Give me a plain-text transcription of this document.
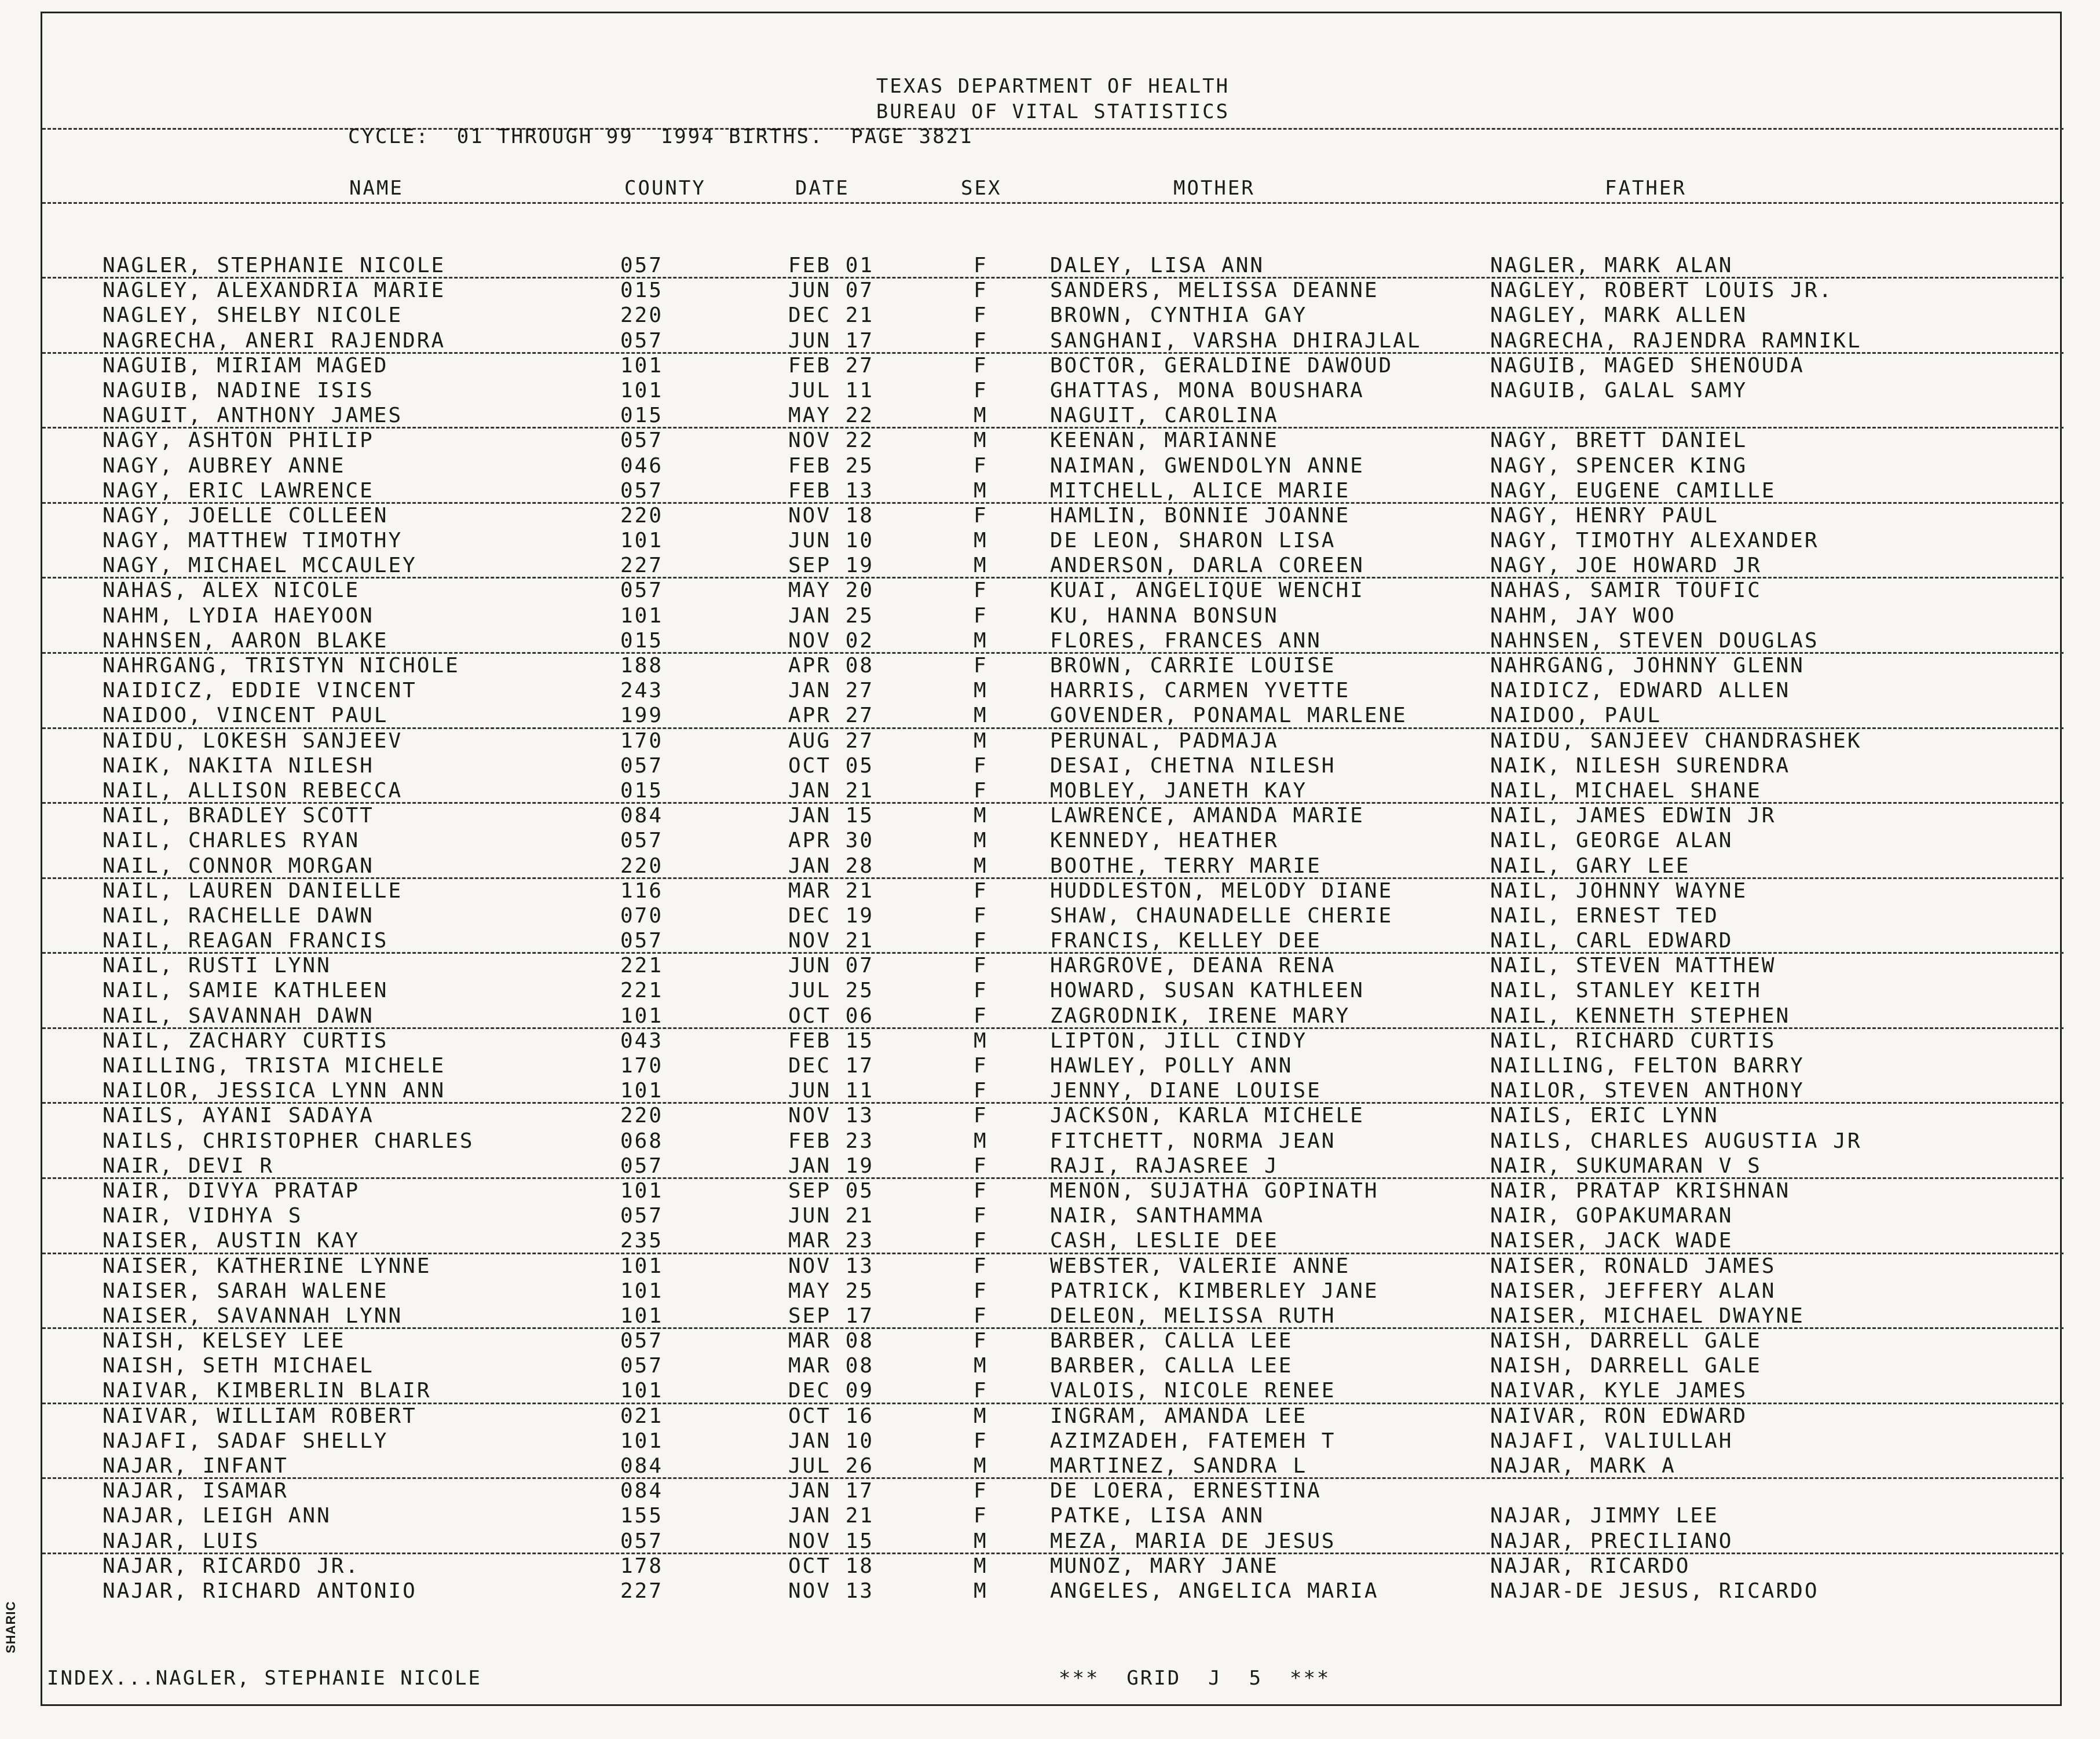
SHARIC
TEXAS DEPARTMENT OF HEALTH
BUREAU OF VITAL STATISTICS
CYCLE:  01 THROUGH 99  1994 BIRTHS.  PAGE 3821
NAME	COUNTY	DATE	SEX	MOTHER	FATHER
NAGLER, STEPHANIE NICOLE	057	FEB 01	F	DALEY, LISA ANN	NAGLER, MARK ALAN
NAGLEY, ALEXANDRIA MARIE	015	JUN 07	F	SANDERS, MELISSA DEANNE	NAGLEY, ROBERT LOUIS JR.
NAGLEY, SHELBY NICOLE	220	DEC 21	F	BROWN, CYNTHIA GAY	NAGLEY, MARK ALLEN
NAGRECHA, ANERI RAJENDRA	057	JUN 17	F	SANGHANI, VARSHA DHIRAJLAL	NAGRECHA, RAJENDRA RAMNIKL
NAGUIB, MIRIAM MAGED	101	FEB 27	F	BOCTOR, GERALDINE DAWOUD	NAGUIB, MAGED SHENOUDA
NAGUIB, NADINE ISIS	101	JUL 11	F	GHATTAS, MONA BOUSHARA	NAGUIB, GALAL SAMY
NAGUIT, ANTHONY JAMES	015	MAY 22	M	NAGUIT, CAROLINA
NAGY, ASHTON PHILIP	057	NOV 22	M	KEENAN, MARIANNE	NAGY, BRETT DANIEL
NAGY, AUBREY ANNE	046	FEB 25	F	NAIMAN, GWENDOLYN ANNE	NAGY, SPENCER KING
NAGY, ERIC LAWRENCE	057	FEB 13	M	MITCHELL, ALICE MARIE	NAGY, EUGENE CAMILLE
NAGY, JOELLE COLLEEN	220	NOV 18	F	HAMLIN, BONNIE JOANNE	NAGY, HENRY PAUL
NAGY, MATTHEW TIMOTHY	101	JUN 10	M	DE LEON, SHARON LISA	NAGY, TIMOTHY ALEXANDER
NAGY, MICHAEL MCCAULEY	227	SEP 19	M	ANDERSON, DARLA COREEN	NAGY, JOE HOWARD JR
NAHAS, ALEX NICOLE	057	MAY 20	F	KUAI, ANGELIQUE WENCHI	NAHAS, SAMIR TOUFIC
NAHM, LYDIA HAEYOON	101	JAN 25	F	KU, HANNA BONSUN	NAHM, JAY WOO
NAHNSEN, AARON BLAKE	015	NOV 02	M	FLORES, FRANCES ANN	NAHNSEN, STEVEN DOUGLAS
NAHRGANG, TRISTYN NICHOLE	188	APR 08	F	BROWN, CARRIE LOUISE	NAHRGANG, JOHNNY GLENN
NAIDICZ, EDDIE VINCENT	243	JAN 27	M	HARRIS, CARMEN YVETTE	NAIDICZ, EDWARD ALLEN
NAIDOO, VINCENT PAUL	199	APR 27	M	GOVENDER, PONAMAL MARLENE	NAIDOO, PAUL
NAIDU, LOKESH SANJEEV	170	AUG 27	M	PERUNAL, PADMAJA	NAIDU, SANJEEV CHANDRASHEK
NAIK, NAKITA NILESH	057	OCT 05	F	DESAI, CHETNA NILESH	NAIK, NILESH SURENDRA
NAIL, ALLISON REBECCA	015	JAN 21	F	MOBLEY, JANETH KAY	NAIL, MICHAEL SHANE
NAIL, BRADLEY SCOTT	084	JAN 15	M	LAWRENCE, AMANDA MARIE	NAIL, JAMES EDWIN JR
NAIL, CHARLES RYAN	057	APR 30	M	KENNEDY, HEATHER	NAIL, GEORGE ALAN
NAIL, CONNOR MORGAN	220	JAN 28	M	BOOTHE, TERRY MARIE	NAIL, GARY LEE
NAIL, LAUREN DANIELLE	116	MAR 21	F	HUDDLESTON, MELODY DIANE	NAIL, JOHNNY WAYNE
NAIL, RACHELLE DAWN	070	DEC 19	F	SHAW, CHAUNADELLE CHERIE	NAIL, ERNEST TED
NAIL, REAGAN FRANCIS	057	NOV 21	F	FRANCIS, KELLEY DEE	NAIL, CARL EDWARD
NAIL, RUSTI LYNN	221	JUN 07	F	HARGROVE, DEANA RENA	NAIL, STEVEN MATTHEW
NAIL, SAMIE KATHLEEN	221	JUL 25	F	HOWARD, SUSAN KATHLEEN	NAIL, STANLEY KEITH
NAIL, SAVANNAH DAWN	101	OCT 06	F	ZAGRODNIK, IRENE MARY	NAIL, KENNETH STEPHEN
NAIL, ZACHARY CURTIS	043	FEB 15	M	LIPTON, JILL CINDY	NAIL, RICHARD CURTIS
NAILLING, TRISTA MICHELE	170	DEC 17	F	HAWLEY, POLLY ANN	NAILLING, FELTON BARRY
NAILOR, JESSICA LYNN ANN	101	JUN 11	F	JENNY, DIANE LOUISE	NAILOR, STEVEN ANTHONY
NAILS, AYANI SADAYA	220	NOV 13	F	JACKSON, KARLA MICHELE	NAILS, ERIC LYNN
NAILS, CHRISTOPHER CHARLES	068	FEB 23	M	FITCHETT, NORMA JEAN	NAILS, CHARLES AUGUSTIA JR
NAIR, DEVI R	057	JAN 19	F	RAJI, RAJASREE J	NAIR, SUKUMARAN V S
NAIR, DIVYA PRATAP	101	SEP 05	F	MENON, SUJATHA GOPINATH	NAIR, PRATAP KRISHNAN
NAIR, VIDHYA S	057	JUN 21	F	NAIR, SANTHAMMA	NAIR, GOPAKUMARAN
NAISER, AUSTIN KAY	235	MAR 23	F	CASH, LESLIE DEE	NAISER, JACK WADE
NAISER, KATHERINE LYNNE	101	NOV 13	F	WEBSTER, VALERIE ANNE	NAISER, RONALD JAMES
NAISER, SARAH WALENE	101	MAY 25	F	PATRICK, KIMBERLEY JANE	NAISER, JEFFERY ALAN
NAISER, SAVANNAH LYNN	101	SEP 17	F	DELEON, MELISSA RUTH	NAISER, MICHAEL DWAYNE
NAISH, KELSEY LEE	057	MAR 08	F	BARBER, CALLA LEE	NAISH, DARRELL GALE
NAISH, SETH MICHAEL	057	MAR 08	M	BARBER, CALLA LEE	NAISH, DARRELL GALE
NAIVAR, KIMBERLIN BLAIR	101	DEC 09	F	VALOIS, NICOLE RENEE	NAIVAR, KYLE JAMES
NAIVAR, WILLIAM ROBERT	021	OCT 16	M	INGRAM, AMANDA LEE	NAIVAR, RON EDWARD
NAJAFI, SADAF SHELLY	101	JAN 10	F	AZIMZADEH, FATEMEH T	NAJAFI, VALIULLAH
NAJAR, INFANT	084	JUL 26	M	MARTINEZ, SANDRA L	NAJAR, MARK A
NAJAR, ISAMAR	084	JAN 17	F	DE LOERA, ERNESTINA
NAJAR, LEIGH ANN	155	JAN 21	F	PATKE, LISA ANN	NAJAR, JIMMY LEE
NAJAR, LUIS	057	NOV 15	M	MEZA, MARIA DE JESUS	NAJAR, PRECILIANO
NAJAR, RICARDO JR.	178	OCT 18	M	MUNOZ, MARY JANE	NAJAR, RICARDO
NAJAR, RICHARD ANTONIO	227	NOV 13	M	ANGELES, ANGELICA MARIA	NAJAR-DE JESUS, RICARDO
INDEX...NAGLER, STEPHANIE NICOLE	***  GRID  J  5  ***
